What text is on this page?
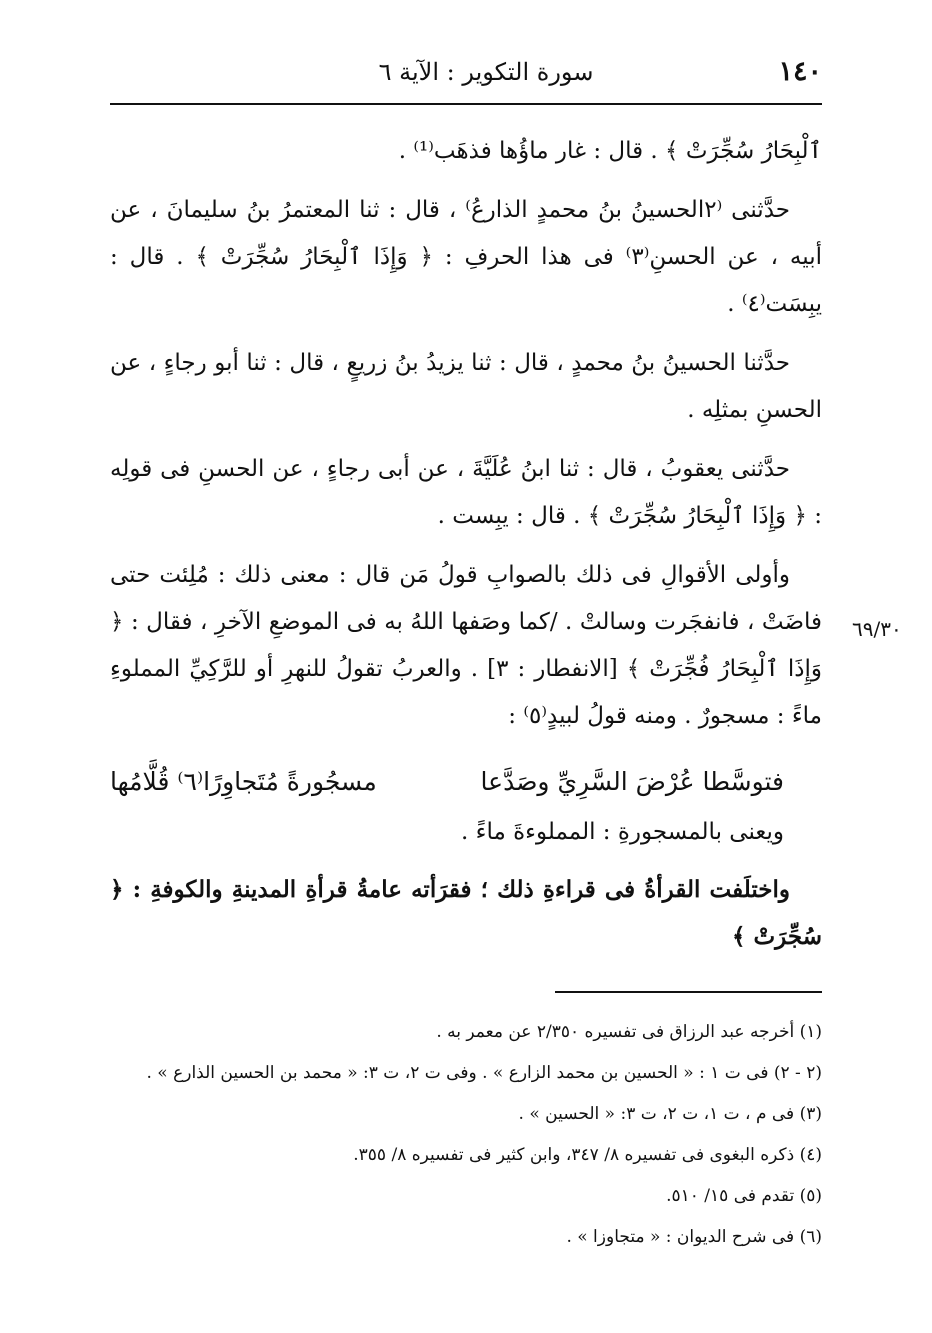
١٤٠
سورة التكوير : الآية ٦
٦٩/٣٠

ٱلْبِحَارُ سُجِّرَتْ ﴾ . قال : غار ماؤُها فذهَب⁽¹⁾ .

حدَّثنى ⁽٢الحسينُ بنُ محمدٍ الذارعُ⁾ ، قال : ثنا المعتمرُ بنُ سليمانَ ، عن أبيه ، عن الحسنِ⁽٣⁾ فى هذا الحرفِ : ﴿ وَإِذَا ٱلْبِحَارُ سُجِّرَتْ ﴾ . قال : يبِسَت⁽٤⁾ .

حدَّثنا الحسينُ بنُ محمدٍ ، قال : ثنا يزيدُ بنُ زريعٍ ، قال : ثنا أبو رجاءٍ ، عن الحسنِ بمثلِه .

حدَّثنى يعقوبُ ، قال : ثنا ابنُ عُلَيَّةَ ، عن أبى رجاءٍ ، عن الحسنِ فى قولِه : ﴿ وَإِذَا ٱلْبِحَارُ سُجِّرَتْ ﴾ . قال : يبِست .

وأولى الأقوالِ فى ذلك بالصوابِ قولُ مَن قال : معنى ذلك : مُلِئت حتى فاضَتْ ، فانفجَرت وسالتْ . /كما وصَفها اللهُ به فى الموضعِ الآخرِ ، فقال : ﴿ وَإِذَا ٱلْبِحَارُ فُجِّرَتْ ﴾ [الانفطار : ٣] . والعربُ تقولُ للنهرِ أو للرَّكِيِّ المملوءِ ماءً : مسجورٌ . ومنه قولُ لبيدٍ⁽٥⁾ :

فتوسَّطا عُرْضَ السَّرِيِّ وصَدَّعا
مسجُورةً مُتَجاوِرًا⁽٦⁾ قُلَّامُها

ويعنى بالمسجورةِ : المملوءةَ ماءً .

واختلَفت القرأةُ فى قراءةِ ذلك ؛ فقرَأته عامةُ قرأةِ المدينةِ والكوفةِ : ﴿ سُجِّرَتْ ﴾

(١) أخرجه عبد الرزاق فى تفسيره ٢/٣٥٠ عن معمر به .

(٢ - ٢) فى ت ١ : « الحسين بن محمد الزارع » . وفى ت ٢، ت ٣: « محمد بن الحسين الذارع » .

(٣) فى م ، ت ١، ت ٢، ت ٣: « الحسين » .

(٤) ذكره البغوى فى تفسيره ٨/ ٣٤٧، وابن كثير فى تفسيره ٨/ ٣٥٥.

(٥) تقدم فى ١٥/ ٥١٠.

(٦) فى شرح الديوان : « متجاوزا » .
